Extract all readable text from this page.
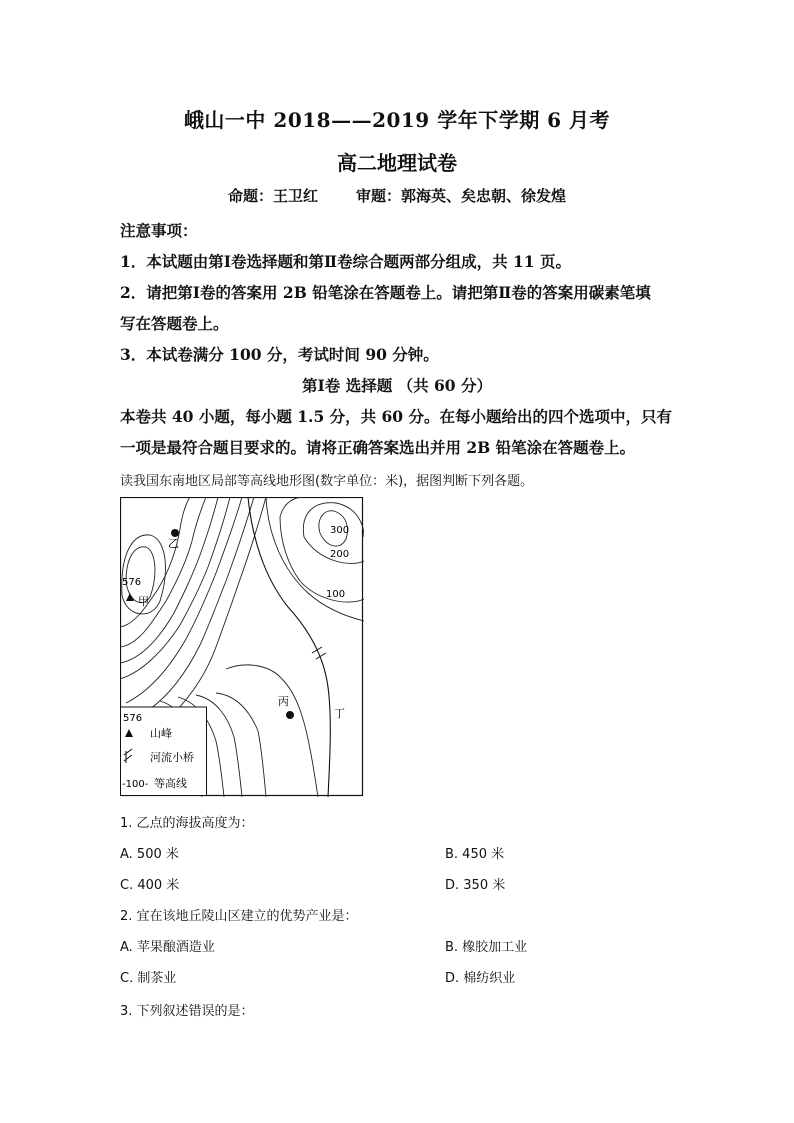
峨山一中 2018——2019 学年下学期 6 月考
高二地理试卷
命题：王卫红	审题：郭海英、矣忠朝、徐发煌
注意事项：
1．本试题由第Ⅰ卷选择题和第Ⅱ卷综合题两部分组成，共 11 页。
2．请把第Ⅰ卷的答案用 2B 铅笔涂在答题卷上。请把第Ⅱ卷的答案用碳素笔填
写在答题卷上。
3．本试卷满分 100 分，考试时间 90 分钟。
第Ⅰ卷 选择题 （共 60 分）
本卷共 40 小题，每小题 1.5 分，共 60 分。在每小题给出的四个选项中，只有
一项是最符合题目要求的。请将正确答案选出并用 2B 铅笔涂在答题卷上。
读我国东南地区局部等高线地形图(数字单位：米)，据图判断下列各题。
乙
576
甲
丙
丁
300
200
100
576
山峰
河流小桥
-100- 等高线
1. 乙点的海拔高度为：
A. 500 米	B. 450 米
C. 400 米	D. 350 米
2. 宜在该地丘陵山区建立的优势产业是：
A. 苹果酿酒造业	B. 橡胶加工业
C. 制茶业	D. 棉纺织业
3. 下列叙述错误的是：
